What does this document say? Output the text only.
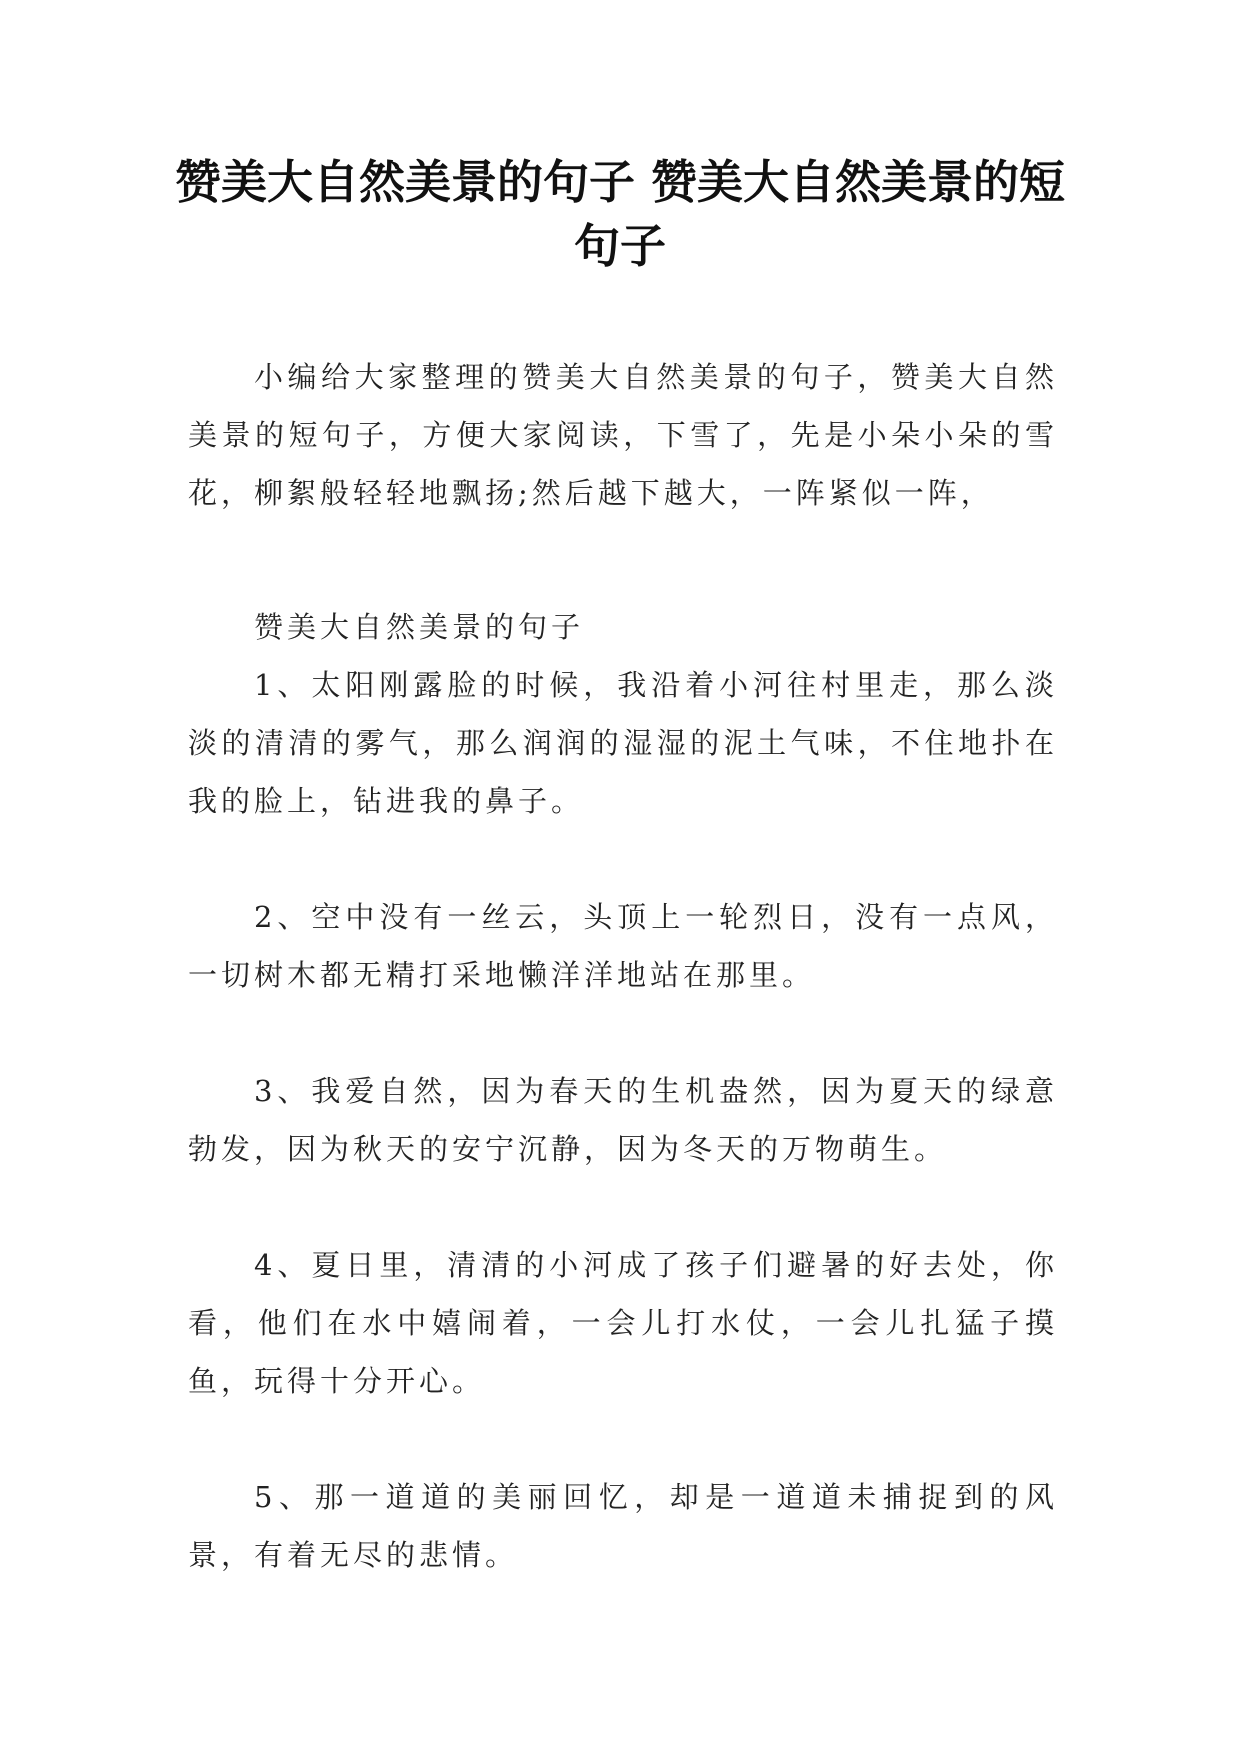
赞美大自然美景的句子 赞美大自然美景的短句子

小编给大家整理的赞美大自然美景的句子，赞美大自然美景的短句子，方便大家阅读，下雪了，先是小朵小朵的雪花，柳絮般轻轻地飘扬;然后越下越大，一阵紧似一阵，

赞美大自然美景的句子

1、太阳刚露脸的时候，我沿着小河往村里走，那么淡淡的清清的雾气，那么润润的湿湿的泥土气味，不住地扑在我的脸上，钻进我的鼻子。

2、空中没有一丝云，头顶上一轮烈日，没有一点风，一切树木都无精打采地懒洋洋地站在那里。

3、我爱自然，因为春天的生机盎然，因为夏天的绿意勃发，因为秋天的安宁沉静，因为冬天的万物萌生。

4、夏日里，清清的小河成了孩子们避暑的好去处，你看，他们在水中嬉闹着，一会儿打水仗，一会儿扎猛子摸鱼，玩得十分开心。

5、那一道道的美丽回忆，却是一道道未捕捉到的风景，有着无尽的悲情。
